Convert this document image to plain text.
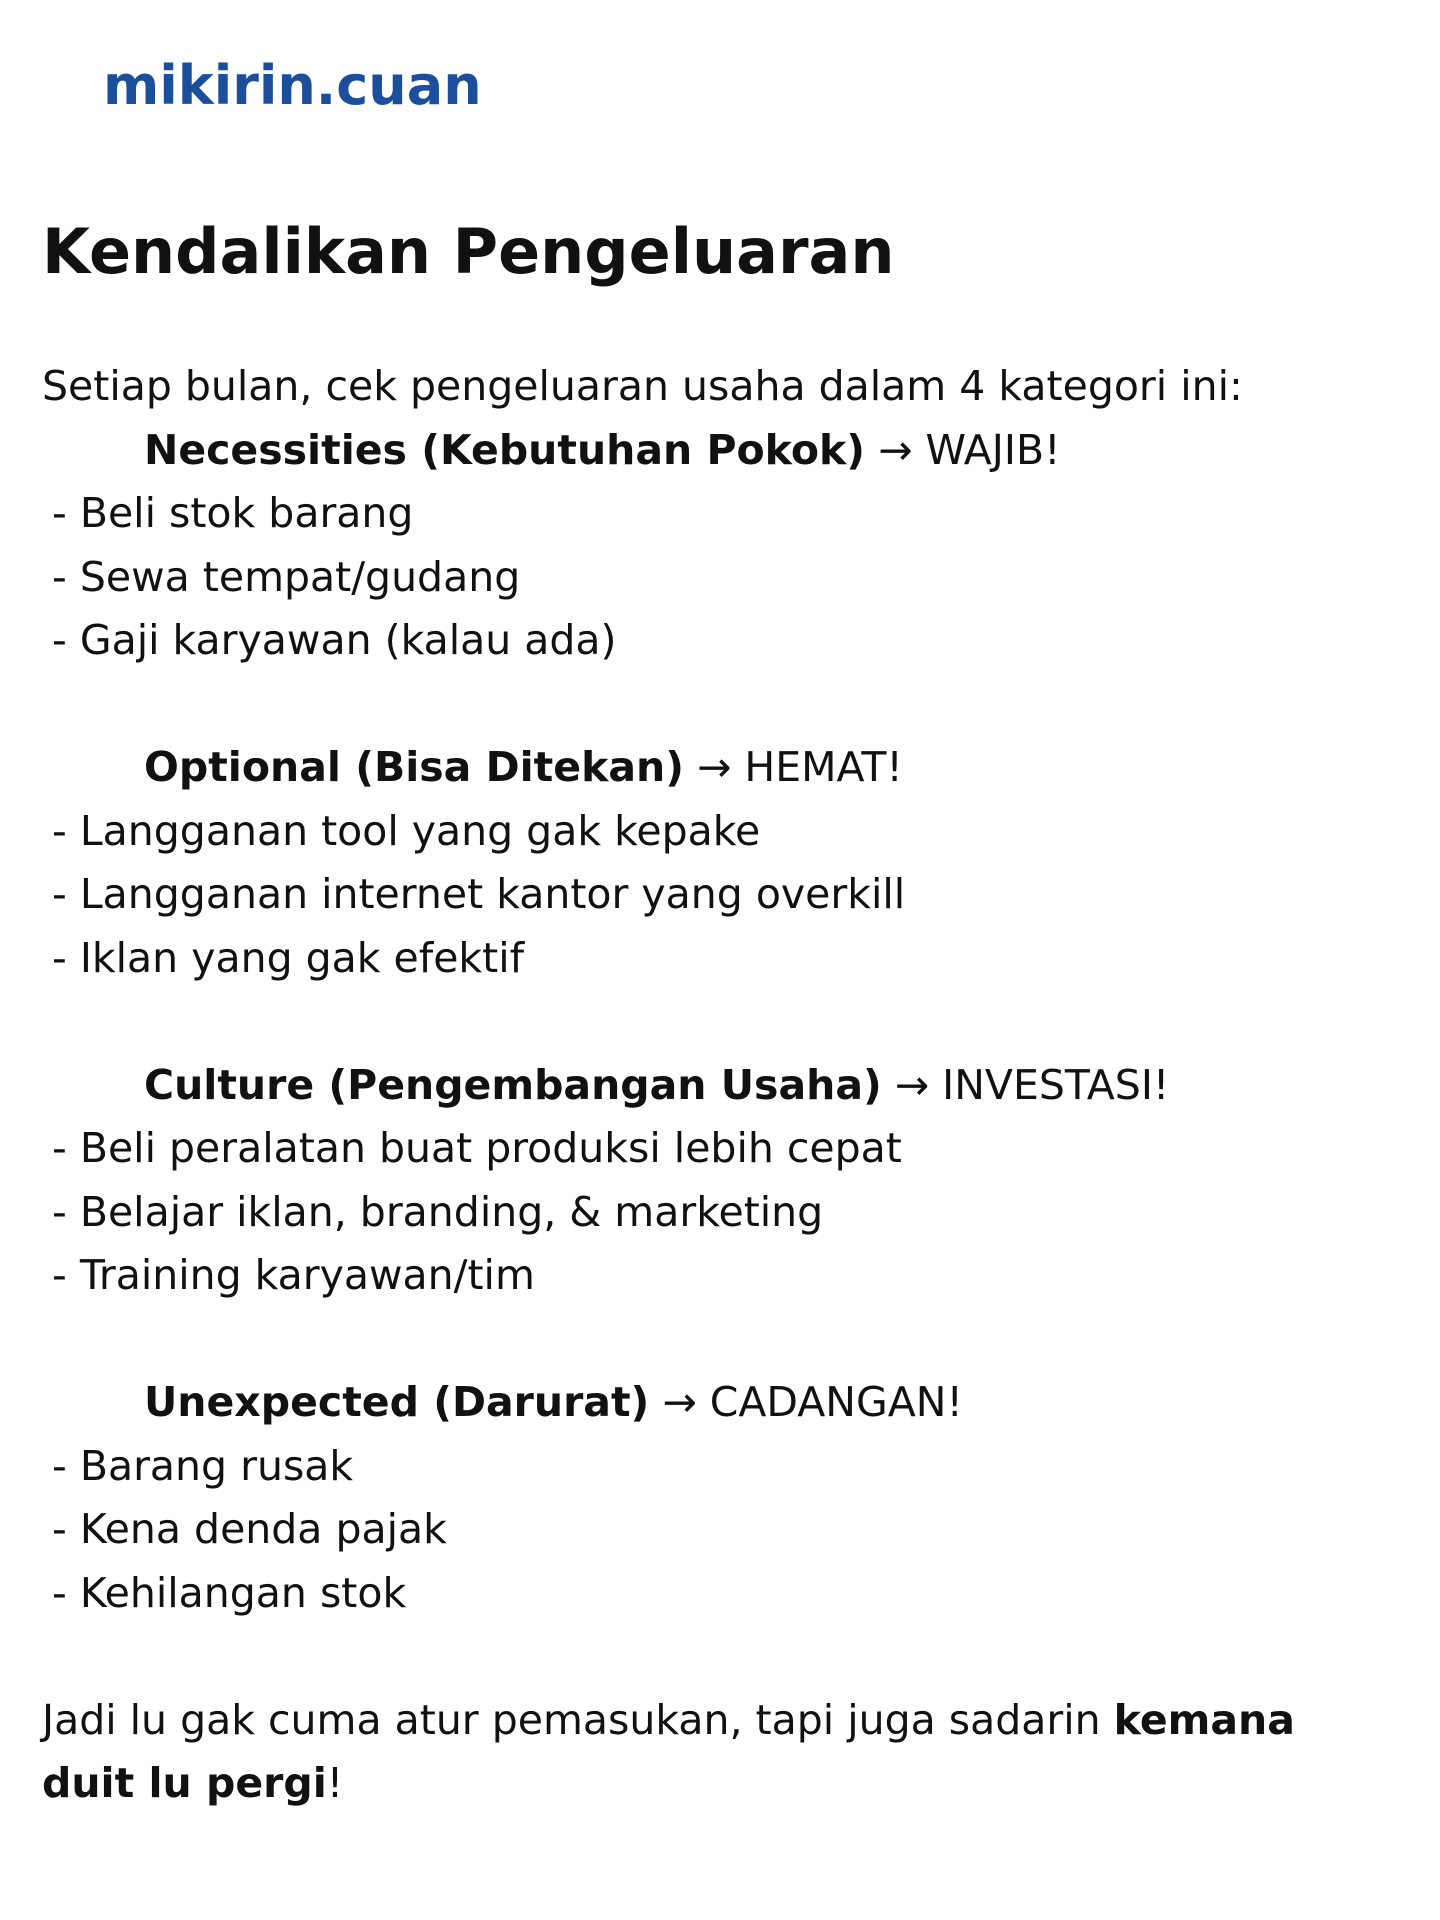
mikirin.cuan
Kendalikan Pengeluaran
Setiap bulan, cek pengeluaran usaha dalam 4 kategori ini:
Necessities (Kebutuhan Pokok) → WAJIB!
- Beli stok barang
- Sewa tempat/gudang
- Gaji karyawan (kalau ada)
Optional (Bisa Ditekan) → HEMAT!
- Langganan tool yang gak kepake
- Langganan internet kantor yang overkill
- Iklan yang gak efektif
Culture (Pengembangan Usaha) → INVESTASI!
- Beli peralatan buat produksi lebih cepat
- Belajar iklan, branding, & marketing
- Training karyawan/tim
Unexpected (Darurat) → CADANGAN!
- Barang rusak
- Kena denda pajak
- Kehilangan stok
Jadi lu gak cuma atur pemasukan, tapi juga sadarin kemana duit lu pergi!
